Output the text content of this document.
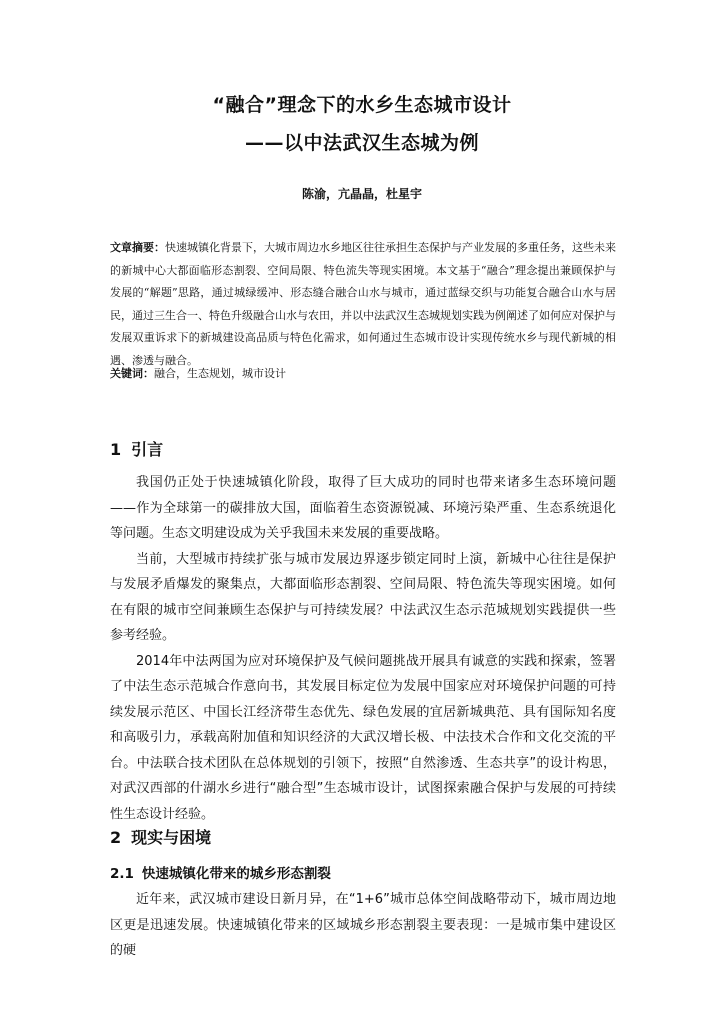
“融合”理念下的水乡生态城市设计
——以中法武汉生态城为例
陈渝，亢晶晶，杜星宇
文章摘要：快速城镇化背景下，大城市周边水乡地区往往承担生态保护与产业发展的多重任务，这些未来的新城中心大都面临形态割裂、空间局限、特色流失等现实困境。本文基于“融合”理念提出兼顾保护与发展的“解题”思路，通过城绿缓冲、形态缝合融合山水与城市，通过蓝绿交织与功能复合融合山水与居民，通过三生合一、特色升级融合山水与农田，并以中法武汉生态城规划实践为例阐述了如何应对保护与发展双重诉求下的新城建设高品质与特色化需求，如何通过生态城市设计实现传统水乡与现代新城的相遇、渗透与融合。
关键词：融合，生态规划，城市设计
1 引言

我国仍正处于快速城镇化阶段，取得了巨大成功的同时也带来诸多生态环境问题——作为全球第一的碳排放大国，面临着生态资源锐减、环境污染严重、生态系统退化等问题。生态文明建设成为关乎我国未来发展的重要战略。

当前，大型城市持续扩张与城市发展边界逐步锁定同时上演，新城中心往往是保护与发展矛盾爆发的聚集点，大都面临形态割裂、空间局限、特色流失等现实困境。如何在有限的城市空间兼顾生态保护与可持续发展？中法武汉生态示范城规划实践提供一些参考经验。

2014年中法两国为应对环境保护及气候问题挑战开展具有诚意的实践和探索，签署了中法生态示范城合作意向书，其发展目标定位为发展中国家应对环境保护问题的可持续发展示范区、中国长江经济带生态优先、绿色发展的宜居新城典范、具有国际知名度和高吸引力，承载高附加值和知识经济的大武汉增长极、中法技术合作和文化交流的平台。中法联合技术团队在总体规划的引领下，按照“自然渗透、生态共享”的设计构思，对武汉西部的什湖水乡进行“融合型”生态城市设计，试图探索融合保护与发展的可持续性生态设计经验。

2 现实与困境
2.1 快速城镇化带来的城乡形态割裂

近年来，武汉城市建设日新月异，在“1+6”城市总体空间战略带动下，城市周边地区更是迅速发展。快速城镇化带来的区域城乡形态割裂主要表现：一是城市集中建设区的硬
